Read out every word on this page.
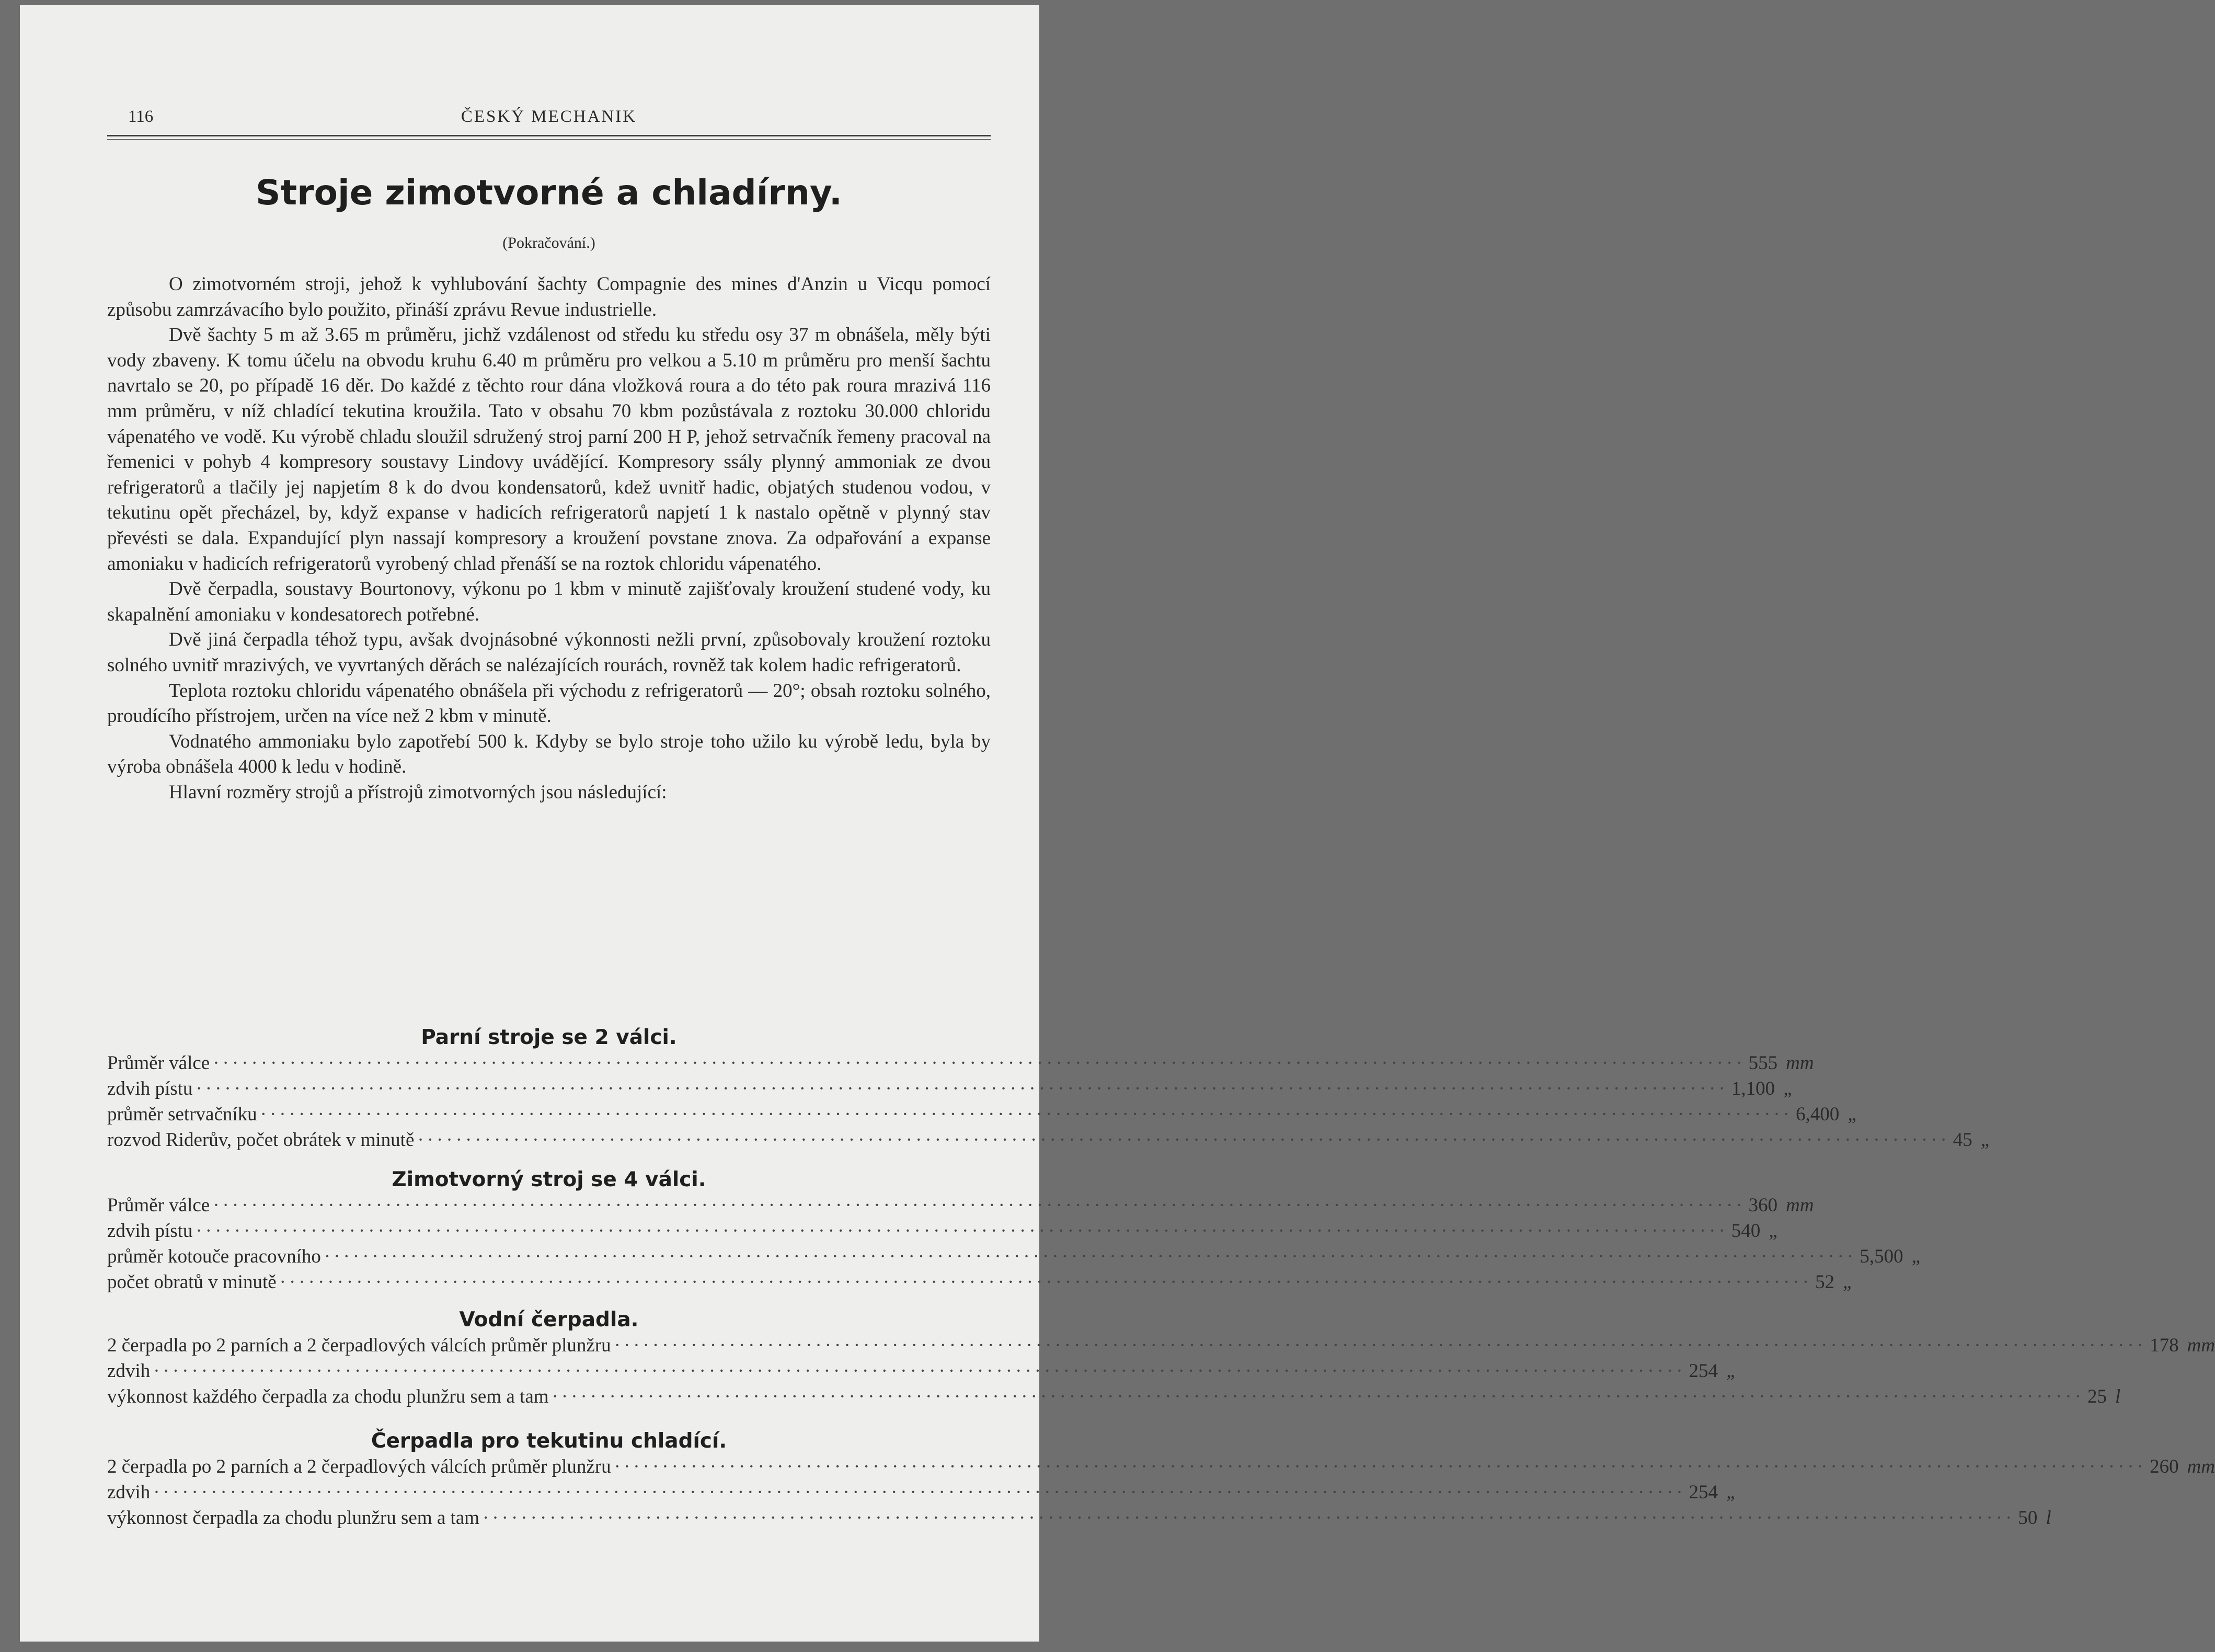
116	ČESKÝ MECHANIK
Stroje zimotvorné a chladírny.
(Pokračování.)

O zimotvorném stroji, jehož k vyhlubování šachty Compagnie des mines d'Anzin u Vicqu pomocí způsobu zamrzávacího bylo použito, přináší zprávu Revue industrielle.

Dvě šachty 5 m až 3.65 m průměru, jichž vzdálenost od středu ku středu osy 37 m obnášela, měly býti vody zbaveny. K tomu účelu na obvodu kruhu 6.40 m průměru pro velkou a 5.10 m průměru pro menší šachtu navrtalo se 20, po případě 16 děr. Do každé z těchto rour dána vložková roura a do této pak roura mrazivá 116 mm průměru, v níž chladící tekutina kroužila. Tato v obsahu 70 kbm pozůstávala z roztoku 30.000 chloridu vápenatého ve vodě. Ku výrobě chladu sloužil sdružený stroj parní 200 H P, jehož setrvačník řemeny pracoval na řemenici v pohyb 4 kompresory soustavy Lindovy uvádějící. Kompresory ssály plynný ammoniak ze dvou refrigeratorů a tlačily jej napjetím 8 k do dvou kondensatorů, kdež uvnitř hadic, objatých studenou vodou, v tekutinu opět přecházel, by, když expanse v hadicích refrigeratorů napjetí 1 k nastalo opětně v plynný stav převésti se dala. Expandující plyn nassají kompresory a kroužení povstane znova. Za odpařování a expanse amoniaku v hadicích refrigeratorů vyrobený chlad přenáší se na roztok chloridu vápenatého.

Dvě čerpadla, soustavy Bourtonovy, výkonu po 1 kbm v minutě zajišťovaly kroužení studené vody, ku skapalnění amoniaku v kondesatorech potřebné.

Dvě jiná čerpadla téhož typu, avšak dvojnásobné výkonnosti nežli první, způsobovaly kroužení roztoku solného uvnitř mrazivých, ve vyvrtaných děrách se nalézajících rourách, rovněž tak kolem hadic refrigeratorů.

Teplota roztoku chloridu vápenatého obnášela při východu z refrigeratorů — 20°; obsah roztoku solného, proudícího přístrojem, určen na více než 2 kbm v minutě.

Vodnatého ammoniaku bylo zapotřebí 500 k. Kdyby se bylo stroje toho užilo ku výrobě ledu, byla by výroba obnášela 4000 k ledu v hodině.

Hlavní rozměry strojů a přístrojů zimotvorných jsou následující:

Parní stroje se 2 válci.
Průměr válce ································································································································································ 555 mm
zdvih pístu ································································································································································ 1,100 „
průměr setrvačníku ································································································································································ 6,400 „
rozvod Riderův, počet obrátek v minutě ································································································································································ 45 „
Zimotvorný stroj se 4 válci.
Průměr válce ································································································································································ 360 mm
zdvih pístu ································································································································································ 540 „
průměr kotouče pracovního ································································································································································ 5,500 „
počet obratů v minutě ································································································································································ 52 „
Vodní čerpadla.
2 čerpadla po 2 parních a 2 čerpadlových válcích průměr plunžru ································································································································································ 178 mm
zdvih ································································································································································ 254 „
výkonnost každého čerpadla za chodu plunžru sem a tam ································································································································································ 25 l
Čerpadla pro tekutinu chladící.
2 čerpadla po 2 parních a 2 čerpadlových válcích průměr plunžru ································································································································································ 260 mm
zdvih ································································································································································ 254 „
výkonnost čerpadla za chodu plunžru sem a tam ································································································································································ 50 l
